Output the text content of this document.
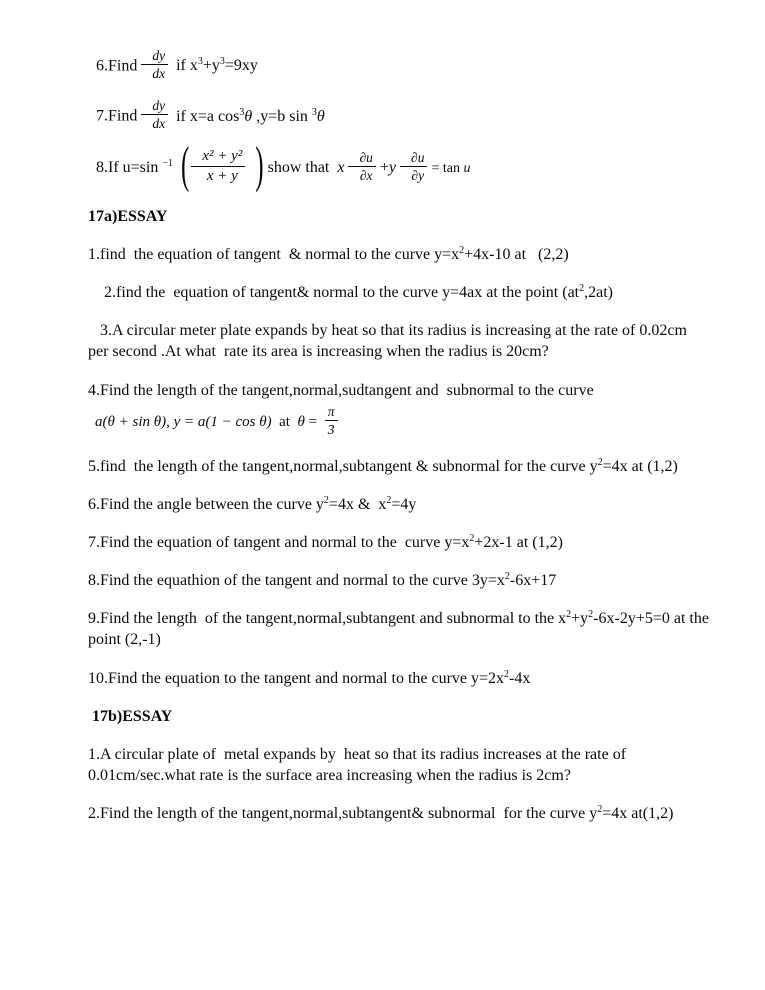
6.Find $\frac{dy}{dx}$ if $x^3+y^3=9xy$

7.Find $\frac{dy}{dx}$ if x=a $\cos^3\theta$ ,y=b sin $^3$θ

8.If u=sin $^{-1}$ ( $\frac{\text{x² + y²}}{x + y}$ ) show that  x $\frac{\partial u}{\partial x} +y \frac{\partial u}{\partial y} = \tan u$

17a)ESSAY

1.find  the equation of tangent  & normal to the curve $y=x^2+4x-10$ at   (2,2)

2.find the  equation of tangent& normal to the curve y=4ax at the point $(at^2,2at)$

3.A circular meter plate expands by heat so that its radius is increasing at the rate of 0.02cm per second .At what  rate its area is increasing when the radius is 20cm?

4.Find the length of the tangent,normal,sudtangent and  subnormal to the curve

a(θ + sin θ), y = a(1 − cos θ)  at  $\theta = \frac{\pi}{3}$

5.find  the length of the tangent,normal,subtangent & subnormal for the curve $y^2=4x$ at (1,2)

6.Find the angle between the curve $y^2=4x$ &  $x^2=4y$

7.Find the equation of tangent and normal to the  curve $y=x^2+2x-1$ at (1,2)

8.Find the equathion of the tangent and normal to the curve $3y=x^2-6x+17$

9.Find the length  of the tangent,normal,subtangent and subnormal to the $x^2+y^2-6x-2y+5=0$ at the point (2,-1)

10.Find the equation to the tangent and normal to the curve $y=2x^2-4x$

17b)ESSAY

1.A circular plate of  metal expands by  heat so that its radius increases at the rate of  0.01cm/sec.what rate is the surface area increasing when the radius is 2cm?

2.Find the length of the tangent,normal,subtangent& subnormal  for the curve $y^2=4x$ at(1,2)
